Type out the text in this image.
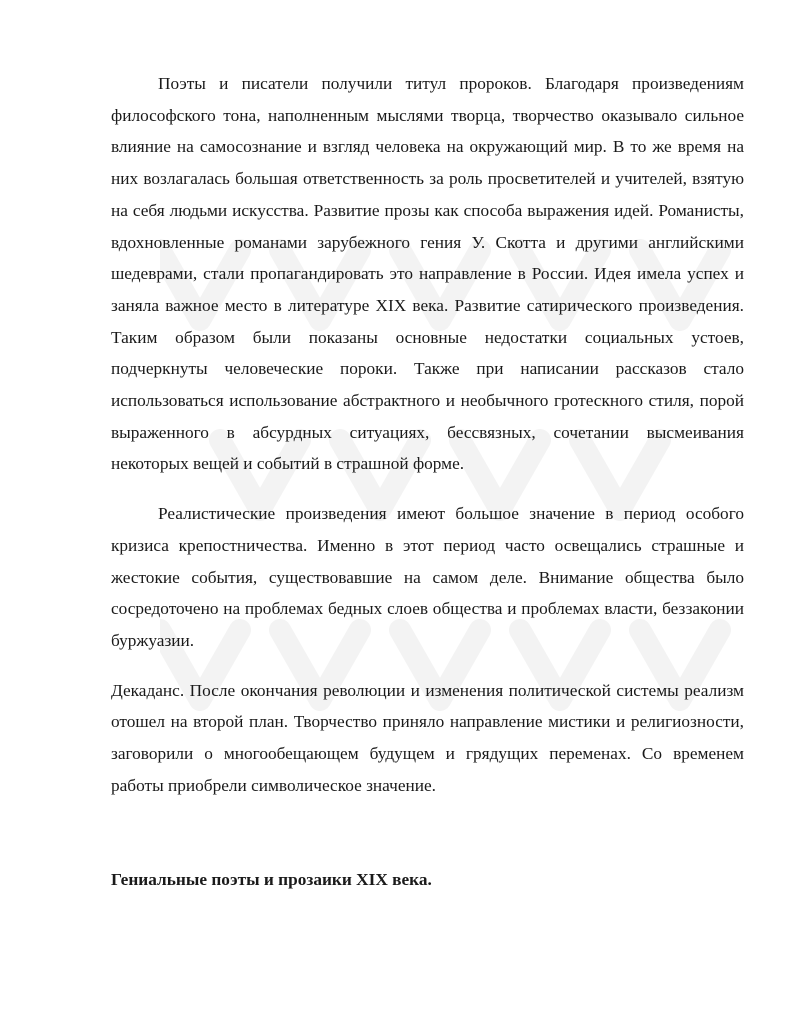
Поэты и писатели получили титул пророков. Благодаря произведениям философского тона, наполненным мыслями творца, творчество оказывало сильное влияние на самосознание и взгляд человека на окружающий мир. В то же время на них возлагалась большая ответственность за роль просветителей и учителей, взятую на себя людьми искусства. Развитие прозы как способа выражения идей. Романисты, вдохновленные романами зарубежного гения У. Скотта и другими английскими шедеврами, стали пропагандировать это направление в России. Идея имела успех и заняла важное место в литературе XIX века. Развитие сатирического произведения. Таким образом были показаны основные недостатки социальных устоев, подчеркнуты человеческие пороки. Также при написании рассказов стало использоваться использование абстрактного и необычного гротескного стиля, порой выраженного в абсурдных ситуациях, бессвязных, сочетании высмеивания некоторых вещей и событий в страшной форме.

Реалистические произведения имеют большое значение в период особого кризиса крепостничества. Именно в этот период часто освещались страшные и жестокие события, существовавшие на самом деле. Внимание общества было сосредоточено на проблемах бедных слоев общества и проблемах власти, беззаконии буржуазии.

Декаданс. После окончания революции и изменения политической системы реализм отошел на второй план. Творчество приняло направление мистики и религиозности, заговорили о многообещающем будущем и грядущих переменах. Со временем работы приобрели символическое значение.

Гениальные поэты и прозаики XIX века.
